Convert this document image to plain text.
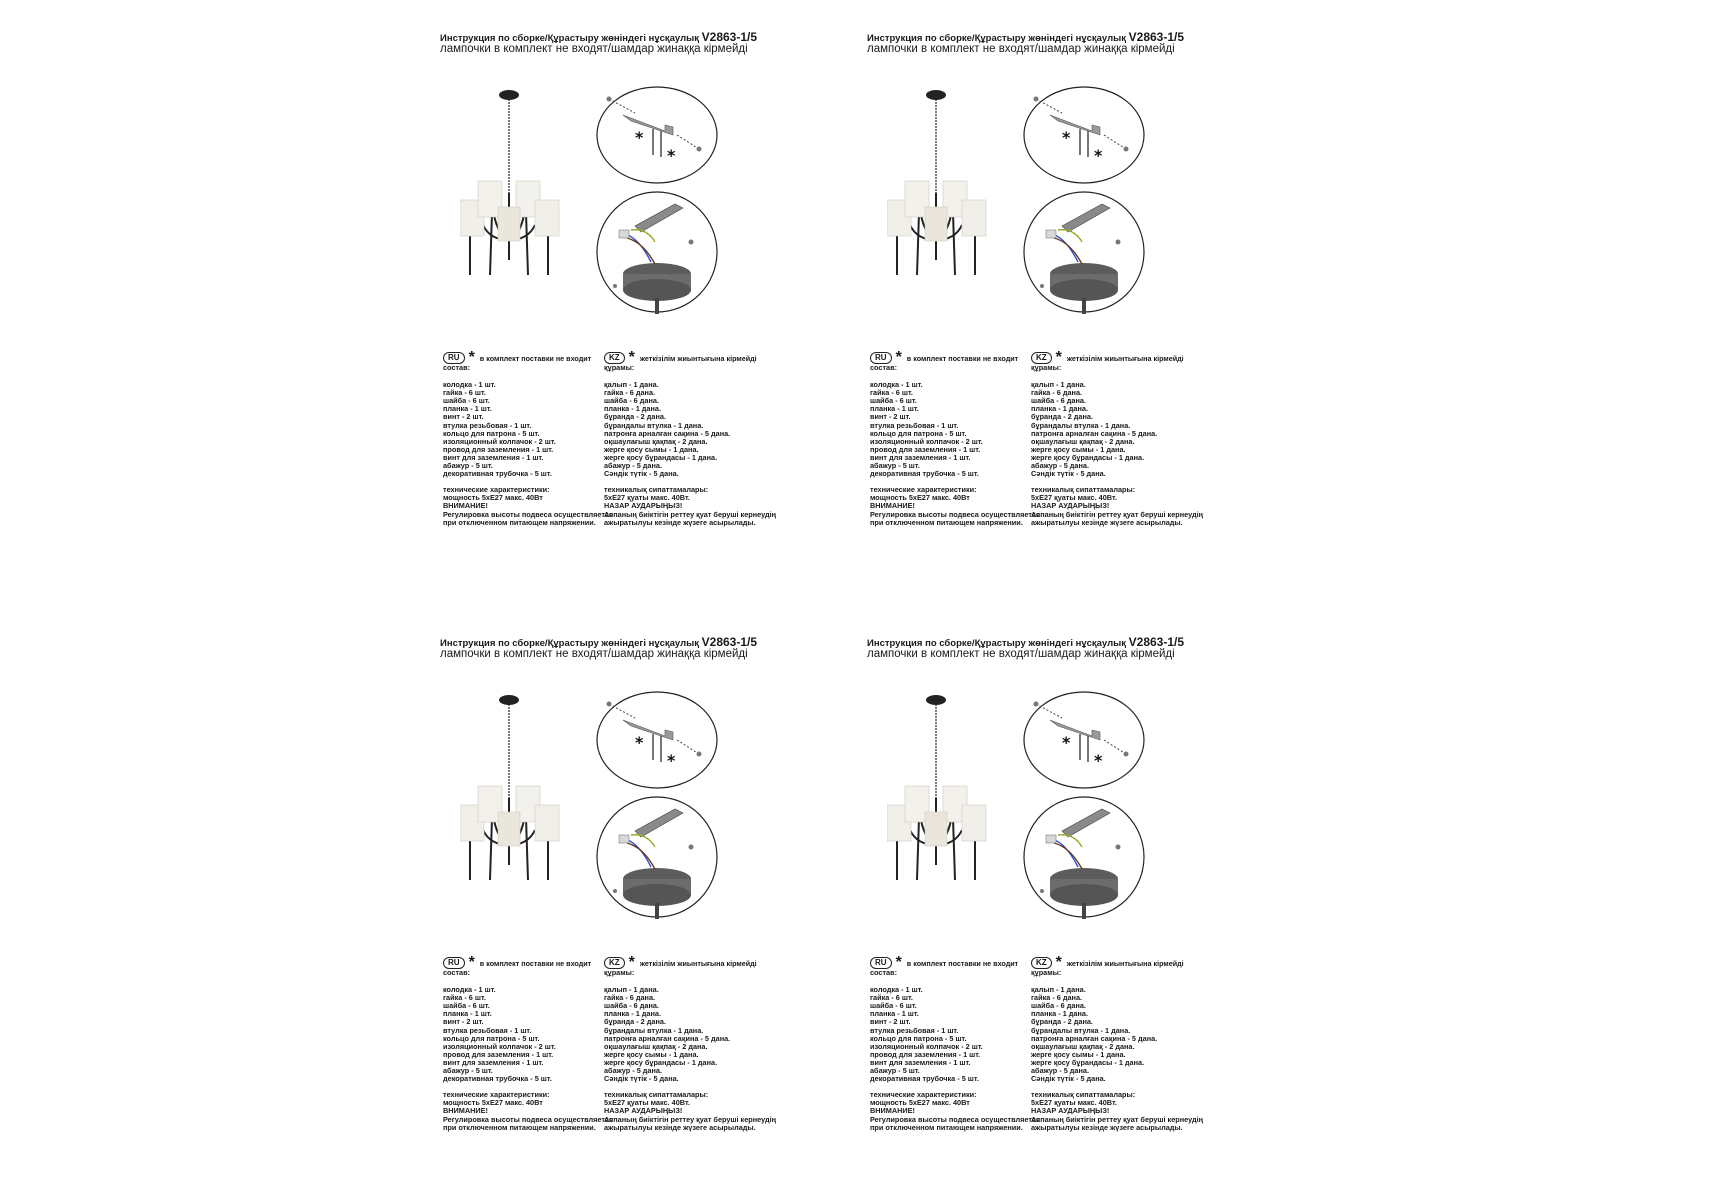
Инструкция по сборке/Құрастыру жөніндегі нұсқаулық V2863-1/5
лампочки в комплект не входят/шамдар жинаққа кірмейді
*
*
RU * в комплект поставки не входит
состав:
колодка - 1 шт.
гайка - 6 шт.
шайба - 6 шт.
планка - 1 шт.
винт - 2 шт.
втулка резьбовая - 1 шт.
кольцо для патрона - 5 шт.
изоляционный колпачок - 2 шт.
провод для заземления - 1 шт.
винт для заземления - 1 шт.
абажур - 5 шт.
декоративная трубочка - 5 шт.
технические характеристики:
мощность 5xE27 макс. 40Вт
ВНИМАНИЕ!
Регулировка высоты подвеса осуществляется
при отключенном питающем напряжении.
KZ * жеткізілім жиынтығына кірмейді
құрамы:
қалып - 1 дана.
гайка - 6 дана.
шайба - 6 дана.
планка - 1 дана.
бұранда - 2 дана.
бұрандалы втулка - 1 дана.
патронға арналған сақина - 5 дана.
оқшаулағыш қақпақ - 2 дана.
жерге қосу сымы - 1 дана.
жерге қосу бұрандасы - 1 дана.
абажур - 5 дана.
Сәндік түтік - 5 дана.
техникалық сипаттамалары:
5xE27 қуаты макс. 40Вт.
НАЗАР АУДАРЫҢЫЗ!
Аспаның биіктігін реттеу қуат беруші кернеудің
ажыратылуы кезінде жүзеге асырылады.
Инструкция по сборке/Құрастыру жөніндегі нұсқаулық V2863-1/5
лампочки в комплект не входят/шамдар жинаққа кірмейді
*
*
RU * в комплект поставки не входит
состав:
колодка - 1 шт.
гайка - 6 шт.
шайба - 6 шт.
планка - 1 шт.
винт - 2 шт.
втулка резьбовая - 1 шт.
кольцо для патрона - 5 шт.
изоляционный колпачок - 2 шт.
провод для заземления - 1 шт.
винт для заземления - 1 шт.
абажур - 5 шт.
декоративная трубочка - 5 шт.
технические характеристики:
мощность 5xE27 макс. 40Вт
ВНИМАНИЕ!
Регулировка высоты подвеса осуществляется
при отключенном питающем напряжении.
KZ * жеткізілім жиынтығына кірмейді
құрамы:
қалып - 1 дана.
гайка - 6 дана.
шайба - 6 дана.
планка - 1 дана.
бұранда - 2 дана.
бұрандалы втулка - 1 дана.
патронға арналған сақина - 5 дана.
оқшаулағыш қақпақ - 2 дана.
жерге қосу сымы - 1 дана.
жерге қосу бұрандасы - 1 дана.
абажур - 5 дана.
Сәндік түтік - 5 дана.
техникалық сипаттамалары:
5xE27 қуаты макс. 40Вт.
НАЗАР АУДАРЫҢЫЗ!
Аспаның биіктігін реттеу қуат беруші кернеудің
ажыратылуы кезінде жүзеге асырылады.
Инструкция по сборке/Құрастыру жөніндегі нұсқаулық V2863-1/5
лампочки в комплект не входят/шамдар жинаққа кірмейді
*
*
RU * в комплект поставки не входит
состав:
колодка - 1 шт.
гайка - 6 шт.
шайба - 6 шт.
планка - 1 шт.
винт - 2 шт.
втулка резьбовая - 1 шт.
кольцо для патрона - 5 шт.
изоляционный колпачок - 2 шт.
провод для заземления - 1 шт.
винт для заземления - 1 шт.
абажур - 5 шт.
декоративная трубочка - 5 шт.
технические характеристики:
мощность 5xE27 макс. 40Вт
ВНИМАНИЕ!
Регулировка высоты подвеса осуществляется
при отключенном питающем напряжении.
KZ * жеткізілім жиынтығына кірмейді
құрамы:
қалып - 1 дана.
гайка - 6 дана.
шайба - 6 дана.
планка - 1 дана.
бұранда - 2 дана.
бұрандалы втулка - 1 дана.
патронға арналған сақина - 5 дана.
оқшаулағыш қақпақ - 2 дана.
жерге қосу сымы - 1 дана.
жерге қосу бұрандасы - 1 дана.
абажур - 5 дана.
Сәндік түтік - 5 дана.
техникалық сипаттамалары:
5xE27 қуаты макс. 40Вт.
НАЗАР АУДАРЫҢЫЗ!
Аспаның биіктігін реттеу қуат беруші кернеудің
ажыратылуы кезінде жүзеге асырылады.
Инструкция по сборке/Құрастыру жөніндегі нұсқаулық V2863-1/5
лампочки в комплект не входят/шамдар жинаққа кірмейді
*
*
RU * в комплект поставки не входит
состав:
колодка - 1 шт.
гайка - 6 шт.
шайба - 6 шт.
планка - 1 шт.
винт - 2 шт.
втулка резьбовая - 1 шт.
кольцо для патрона - 5 шт.
изоляционный колпачок - 2 шт.
провод для заземления - 1 шт.
винт для заземления - 1 шт.
абажур - 5 шт.
декоративная трубочка - 5 шт.
технические характеристики:
мощность 5xE27 макс. 40Вт
ВНИМАНИЕ!
Регулировка высоты подвеса осуществляется
при отключенном питающем напряжении.
KZ * жеткізілім жиынтығына кірмейді
құрамы:
қалып - 1 дана.
гайка - 6 дана.
шайба - 6 дана.
планка - 1 дана.
бұранда - 2 дана.
бұрандалы втулка - 1 дана.
патронға арналған сақина - 5 дана.
оқшаулағыш қақпақ - 2 дана.
жерге қосу сымы - 1 дана.
жерге қосу бұрандасы - 1 дана.
абажур - 5 дана.
Сәндік түтік - 5 дана.
техникалық сипаттамалары:
5xE27 қуаты макс. 40Вт.
НАЗАР АУДАРЫҢЫЗ!
Аспаның биіктігін реттеу қуат беруші кернеудің
ажыратылуы кезінде жүзеге асырылады.
